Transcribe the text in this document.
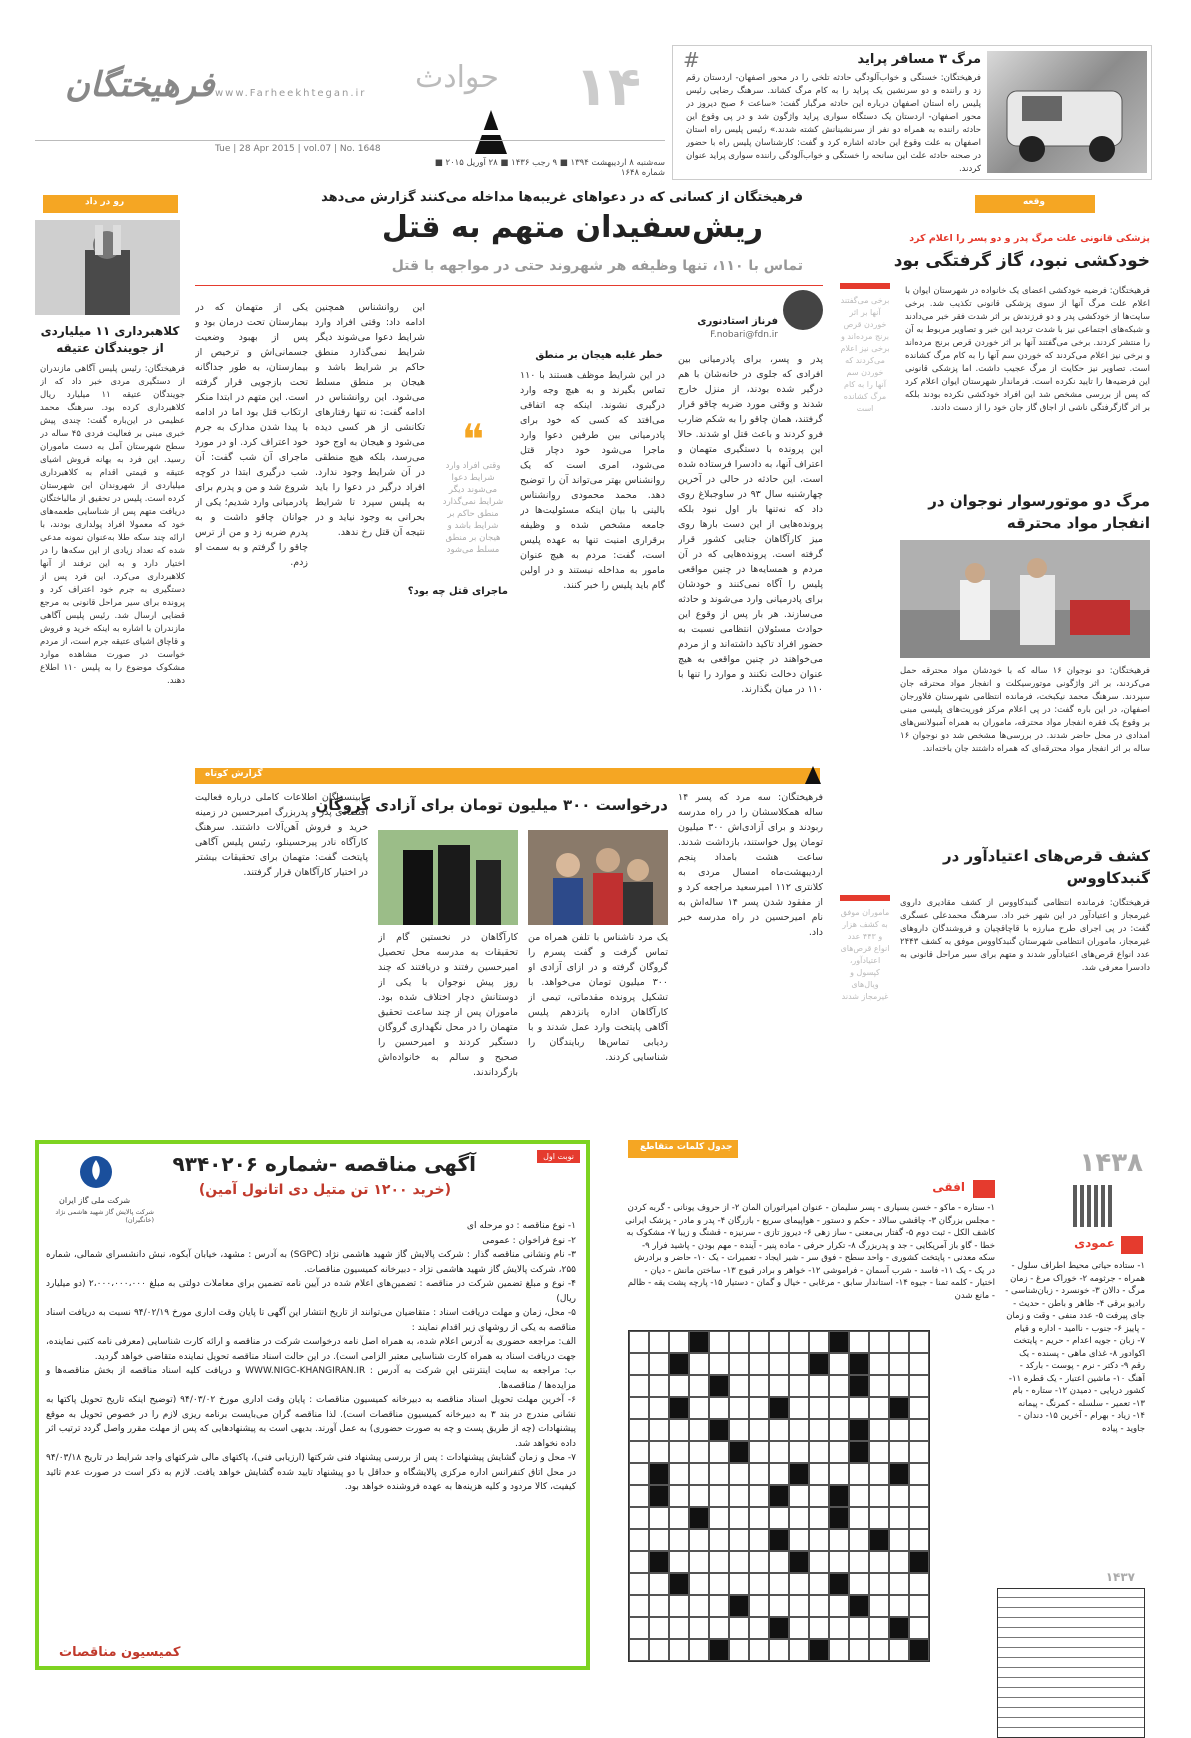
فرهیختگان www.Farheekhtegan.ir حوادث ۱۴
Tue | 28 Apr 2015 | vol.07 | No. 1648
سه‌شنبه ۸ اردیبهشت ۱۳۹۴ ■ ۹ رجب ۱۴۳۶ ■ ۲۸ آوریل ۲۰۱۵ ■ شماره ۱۶۴۸
مرگ ۳ مسافر پراید
#
فرهیختگان: خستگی و خواب‌آلودگی حادثه تلخی را در محور اصفهان- اردستان رقم زد و راننده و دو سرنشین یک پراید را به کام مرگ کشاند. سرهنگ رضایی رئیس پلیس راه استان اصفهان درباره این حادثه مرگبار گفت: «ساعت ۶ صبح دیروز در محور اصفهان- اردستان یک دستگاه سواری پراید واژگون شد و در پی وقوع این حادثه راننده به همراه دو نفر از سرنشینانش کشته شدند.» رئیس پلیس راه استان اصفهان به علت وقوع این حادثه اشاره کرد و گفت: کارشناسان پلیس راه با حضور در صحنه حادثه علت این سانحه را خستگی و خواب‌آلودگی راننده سواری پراید عنوان کردند.
رو در داد
کلاهبرداری ۱۱ میلیاردی از جویندگان عتیقه
فرهیختگان: رئیس پلیس آگاهی مازندران از دستگیری مردی خبر داد که از جویندگان عتیقه ۱۱ میلیارد ریال کلاهبرداری کرده بود. سرهنگ محمد عظیمی در این‌باره گفت: چندی پیش خبری مبنی بر فعالیت فردی ۴۵ ساله در سطح شهرستان آمل به دست ماموران رسید. این فرد به بهانه فروش اشیای عتیقه و قیمتی اقدام به کلاهبرداری میلیاردی از شهروندان این شهرستان کرده است. پلیس در تحقیق از مالباختگان دریافت متهم پس از شناسایی طعمه‌های خود که معمولا افراد پولداری بودند، با ارائه چند سکه طلا به‌عنوان نمونه مدعی شده که تعداد زیادی از این سکه‌ها را در اختیار دارد و به این ترفند از آنها کلاهبرداری می‌کرد. این فرد پس از دستگیری به جرم خود اعتراف کرد و پرونده برای سیر مراحل قانونی به مرجع قضایی ارسال شد. رئیس پلیس آگاهی مازندران با اشاره به اینکه خرید و فروش و قاچاق اشیای عتیقه جرم است، از مردم خواست در صورت مشاهده موارد مشکوک موضوع را به پلیس ۱۱۰ اطلاع دهند.
فرهیختگان از کسانی که در دعواهای غریبه‌ها مداخله می‌کنند گزارش می‌دهد
ریش‌سفیدان متهم به قتل
تماس با ۱۱۰، تنها وظیفه هر شهروند حتی در مواجهه با قتل
فرناز استادنوری
F.nobari@fdn.ir
پدر و پسر، برای پادرمیانی بین افرادی که جلوی در خانه‌شان با هم درگیر شده بودند، از منزل خارج شدند و وقتی مورد ضربه چاقو قرار گرفتند، همان چاقو را به شکم ضارب فرو کردند و باعث قتل او شدند. حالا این پرونده با دستگیری متهمان و اعتراف آنها، به دادسرا فرستاده شده است. این حادثه در حالی در آخرین چهارشنبه سال ۹۳ در ساوجبلاغ روی داد که نه‌تنها بار اول نبود بلکه پرونده‌هایی از این دست بارها روی میز کارآگاهان جنایی کشور قرار گرفته است. پرونده‌هایی که در آن مردم و همسایه‌ها در چنین مواقعی پلیس را آگاه نمی‌کنند و خودشان برای پادرمیانی وارد می‌شوند و حادثه می‌سازند. هر بار پس از وقوع این حوادث مسئولان انتظامی نسبت به حضور افراد تاکید داشته‌اند و از مردم می‌خواهند در چنین مواقعی به هیچ عنوان دخالت نکنند و موارد را تنها با ۱۱۰ در میان بگذارند.
خطر غلبه هیجان بر منطق
در این شرایط موظف هستند با ۱۱۰ تماس بگیرند و به هیچ وجه وارد درگیری نشوند. اینکه چه اتفاقی می‌افتد که کسی که خود برای پادرمیانی بین طرفین دعوا وارد ماجرا می‌شود خود دچار قتل می‌شود، امری است که یک روانشناس بهتر می‌تواند آن را توضیح دهد. محمد محمودی روانشناس بالینی با بیان اینکه مسئولیت‌ها در جامعه مشخص شده و وظیفه برقراری امنیت تنها به عهده پلیس است، گفت: مردم به هیچ عنوان مامور به مداخله نیستند و در اولین گام باید پلیس را خبر کنند.
❝
وقتی افراد وارد شرایط دعوا می‌شوند دیگر شرایط نمی‌گذارد منطق حاکم بر شرایط باشد و هیجان بر منطق مسلط می‌شود
ماجرای قتل چه بود؟
این روانشناس همچنین ادامه داد: وقتی افراد وارد شرایط دعوا می‌شوند دیگر شرایط نمی‌گذارد منطق حاکم بر شرایط باشد و هیجان بر منطق مسلط می‌شود. این روانشناس در ادامه گفت: نه تنها رفتارهای تکانشی از هر کسی دیده می‌شود و هیجان به اوج خود می‌رسد، بلکه هیچ منطقی در آن شرایط وجود ندارد. افراد درگیر در دعوا را باید به پلیس سپرد تا شرایط بحرانی به وجود نیاید و در نتیجه آن قتل رخ ندهد.
یکی از متهمان که در بیمارستان تحت درمان بود و پس از بهبود وضعیت جسمانی‌اش و ترخیص از بیمارستان، به طور جداگانه تحت بازجویی قرار گرفته است. این متهم در ابتدا منکر ارتکاب قتل بود اما در ادامه با پیدا شدن مدارک به جرم خود اعتراف کرد. او در مورد ماجرای آن شب گفت: آن شب درگیری ابتدا در کوچه شروع شد و من و پدرم برای پادرمیانی وارد شدیم؛ یکی از جوانان چاقو داشت و به پدرم ضربه زد و من از ترس چاقو را گرفتم و به سمت او زدم.
گزارش کوتاه
فرهیختگان: سه مرد که پسر ۱۴ ساله همکلاسشان را در راه مدرسه ربودند و برای آزادی‌اش ۳۰۰ میلیون تومان پول خواستند، بازداشت شدند. ساعت هشت بامداد پنجم اردیبهشت‌ماه امسال مردی به کلانتری ۱۱۲ امیرسعید مراجعه کرد و از مفقود شدن پسر ۱۴ ساله‌اش به نام امیرحسین در راه مدرسه خبر داد.
درخواست ۳۰۰ میلیون تومان برای آزادی گروگان
یک مرد ناشناس با تلفن همراه من تماس گرفت و گفت پسرم را گروگان گرفته و در ازای آزادی او ۳۰۰ میلیون تومان می‌خواهد. با تشکیل پرونده مقدماتی، تیمی از کارآگاهان اداره پانزدهم پلیس آگاهی پایتخت وارد عمل شدند و با ردیابی تماس‌ها ربایندگان را شناسایی کردند.
کارآگاهان در نخستین گام از تحقیقات به مدرسه محل تحصیل امیرحسین رفتند و دریافتند که چند روز پیش نوجوان با یکی از دوستانش دچار اختلاف شده بود. ماموران پس از چند ساعت تحقیق متهمان را در محل نگهداری گروگان دستگیر کردند و امیرحسین را صحیح و سالم به خانواده‌اش بازگرداندند.
رابینسداگان اطلاعات کاملی درباره فعالیت اقتصادی پدر و پدربزرگ امیرحسین در زمینه خرید و فروش آهن‌آلات داشتند. سرهنگ کارآگاه نادر پیرحسینلو، رئیس پلیس آگاهی پایتخت گفت: متهمان برای تحقیقات بیشتر در اختیار کارآگاهان قرار گرفتند.
وقعه
پزشکی قانونی علت مرگ پدر و دو پسر را اعلام کرد
خودکشی نبود، گاز گرفتگی بود
برخی می‌گفتند آنها بر اثر خوردن قرص برنج مرده‌اند و برخی نیز اعلام می‌کردند که خوردن سم آنها را به کام مرگ کشانده است
فرهیختگان: فرضیه خودکشی اعضای یک خانواده در شهرستان ایوان با اعلام علت مرگ آنها از سوی پزشکی قانونی تکذیب شد. برخی سایت‌ها از خودکشی پدر و دو فرزندش بر اثر شدت فقر خبر می‌دادند و شبکه‌های اجتماعی نیز با شدت تردید این خبر و تصاویر مربوط به آن را منتشر کردند. برخی می‌گفتند آنها بر اثر خوردن قرص برنج مرده‌اند و برخی نیز اعلام می‌کردند که خوردن سم آنها را به کام مرگ کشانده است. تصاویر نیز حکایت از مرگ عجیب داشت. اما پزشکی قانونی این فرضیه‌ها را تایید نکرده است. فرماندار شهرستان ایوان اعلام کرد که پس از بررسی مشخص شد این افراد خودکشی نکرده بودند بلکه بر اثر گازگرفتگی ناشی از اجاق گاز جان خود را از دست دادند.
مرگ دو موتورسوار نوجوان در انفجار مواد محترقه
فرهیختگان: دو نوجوان ۱۶ ساله که با خودشان مواد محترقه حمل می‌کردند، بر اثر واژگونی موتورسیکلت و انفجار مواد محترقه جان سپردند. سرهنگ محمد نیکبخت، فرمانده انتظامی شهرستان فلاورجان اصفهان، در این باره گفت: در پی اعلام مرکز فوریت‌های پلیسی مبنی بر وقوع یک فقره انفجار مواد محترقه، ماموران به همراه آمبولانس‌های امدادی در محل حاضر شدند. در بررسی‌ها مشخص شد دو نوجوان ۱۶ ساله بر اثر انفجار مواد محترقه‌ای که همراه داشتند جان باخته‌اند.
کشف قرص‌های اعتیادآور در گنبدکاووس
ماموران موفق به کشف هزار و ۴۴۳ عدد انواع قرص‌های اعتیادآور، کپسول و ویال‌های غیرمجاز شدند
فرهیختگان: فرمانده انتظامی گنبدکاووس از کشف مقادیری داروی غیرمجاز و اعتیادآور در این شهر خبر داد. سرهنگ محمدعلی عسگری گفت: در پی اجرای طرح مبارزه با قاچاقچیان و فروشندگان داروهای غیرمجاز، ماموران انتظامی شهرستان گنبدکاووس موفق به کشف ۲۴۴۳ عدد انواع قرص‌های اعتیادآور شدند و متهم برای سیر مراحل قانونی به دادسرا معرفی شد.
شرکت ملی گاز ایران
شرکت پالایش گاز شهید هاشمی نژاد (خانگیران)
نوبت اول
آگهی مناقصه -شماره ۹۳۴۰۲۰۶
(خرید ۱۲۰۰ تن متیل دی اتانول آمین)
۱- نوع مناقصه : دو مرحله ای
۲- نوع فراخوان : عمومی
۳- نام ونشانی مناقصه گذار : شرکت پالایش گاز شهید هاشمی نژاد (SGPC) به آدرس : مشهد، خیابان آبکوه، نبش دانشسرای شمالی، شماره ۲۵۵، شرکت پالایش گاز شهید هاشمی نژاد - دبیرخانه کمیسیون مناقصات.
۴- نوع و مبلغ تضمین شرکت در مناقصه : تضمین‌های اعلام شده در آیین نامه تضمین برای معاملات دولتی به مبلغ ۲،۰۰۰،۰۰۰،۰۰۰ (دو میلیارد ریال)
۵- محل، زمان و مهلت دریافت اسناد : متقاضیان می‌توانند از تاریخ انتشار این آگهی تا پایان وقت اداری مورخ ۹۴/۰۲/۱۹ نسبت به دریافت اسناد مناقصه به یکی از روشهای زیر اقدام نمایند :
الف: مراجعه حضوری به آدرس اعلام شده، به همراه اصل نامه درخواست شرکت در مناقصه و ارائه کارت شناسایی (معرفی نامه کتبی نماینده، جهت دریافت اسناد به همراه کارت شناسایی معتبر الزامی است). در این حالت اسناد مناقصه تحویل نماینده متقاضی خواهد گردید.
ب: مراجعه به سایت اینترنتی این شرکت به آدرس : WWW.NIGC-KHANGIRAN.IR و دریافت کلیه اسناد مناقصه از بخش مناقصه‌ها و مزایده‌ها / مناقصه‌ها.
۶- آخرین مهلت تحویل اسناد مناقصه به دبیرخانه کمیسیون مناقصات : پایان وقت اداری مورخ ۹۴/۰۳/۰۲ (توضیح اینکه تاریخ تحویل پاکتها به نشانی مندرج در بند ۳ به دبیرخانه کمیسیون مناقصات است). لذا مناقصه گران می‌بایست برنامه ریزی لازم را در خصوص تحویل به موقع پیشنهادات (چه از طریق پست و چه به صورت حضوری) به عمل آورند. بدیهی است به پیشنهادهایی که پس از مهلت مقرر واصل گردد ترتیب اثر داده نخواهد شد.
۷- محل و زمان گشایش پیشنهادات : پس از بررسی پیشنهاد فنی شرکتها (ارزیابی فنی)، پاکتهای مالی شرکتهای واجد شرایط در تاریخ ۹۴/۰۳/۱۸ در محل اتاق کنفرانس اداره مرکزی پالایشگاه و حداقل با دو پیشنهاد تایید شده گشایش خواهد یافت. لازم به ذکر است در صورت عدم تائید کیفیت، کالا مردود و کلیه هزینه‌ها به عهده فروشنده خواهد بود.
کمیسیون مناقصات
جدول کلمات متقاطع
۱۴۳۸
افقی
۱- ستاره - ماکو - خسن بسیاری - پسر سلیمان - عنوان امپراتوران المان ۲- از حروف یونانی - گربه کردن - مجلس بزرگان ۳- چاقشی سالاد - حکم و دستور - هواپیمای سریع - بازرگان ۴- پدر و مادر - پزشک ایرانی کاشف الکل - ثبت دوم ۵- گفتار بی‌معنی - ساز زهی ۶- دیروز تازی - سرنیزه - قشنگ و زیبا ۷- مشکوک به خطا - گاو باز آمریکایی - جد و پدربزرگ ۸- تکرار حرفی - ماده پنیر - آینده - مهم بودن - پاشید فرار ۹- سکه معدنی - پایتخت کشوری - واحد سطح - فوق سر - شیر ایجاد - تعمیرات - یک ۱۰- حاضر و برادرش در یک - یک ۱۱- فاسد - شرب آسمان - فراموشی ۱۲- خواهر و برادر قیوج ۱۳- ساختن مانش - دیان - اختیار - کلمه تمنا - جیوه ۱۴- استاندار سابق - مرغابی - خیال و گمان - دستیار ۱۵- پارچه پشت یقه - ظالم - مانع شدن
عمودی
۱- ستاده حیاتی محیط اطراف سلول - همراه - جرثومه ۲- خوراک مرغ - زمان مرگ - دالان ۳- خونسرد - زبان‌شناسی - رادیو برقی ۴- ظاهر و باطن - حدیث - جای پیرفت ۵- عدد منفی - وقت و زمان - پاییز ۶- جنوب - ناامید - اداره و قیام ۷- زبان - جویه اعدام - حریم - پایتخت اکوادور ۸- غذای ماهی - پسنده - یک رقم ۹- دکتر - نرم - پوست - بارکد - آهنگ ۱۰- ماشین اعتبار - یک قطره ۱۱- کشور دریایی - دمیدن ۱۲- ستاره - بام ۱۳- تعمیر - سلسله - کمرنگ - پیمانه ۱۴- زیاد - بهرام - آخرین ۱۵- دندان - جاوید - پیاده
۱۴۳۷
